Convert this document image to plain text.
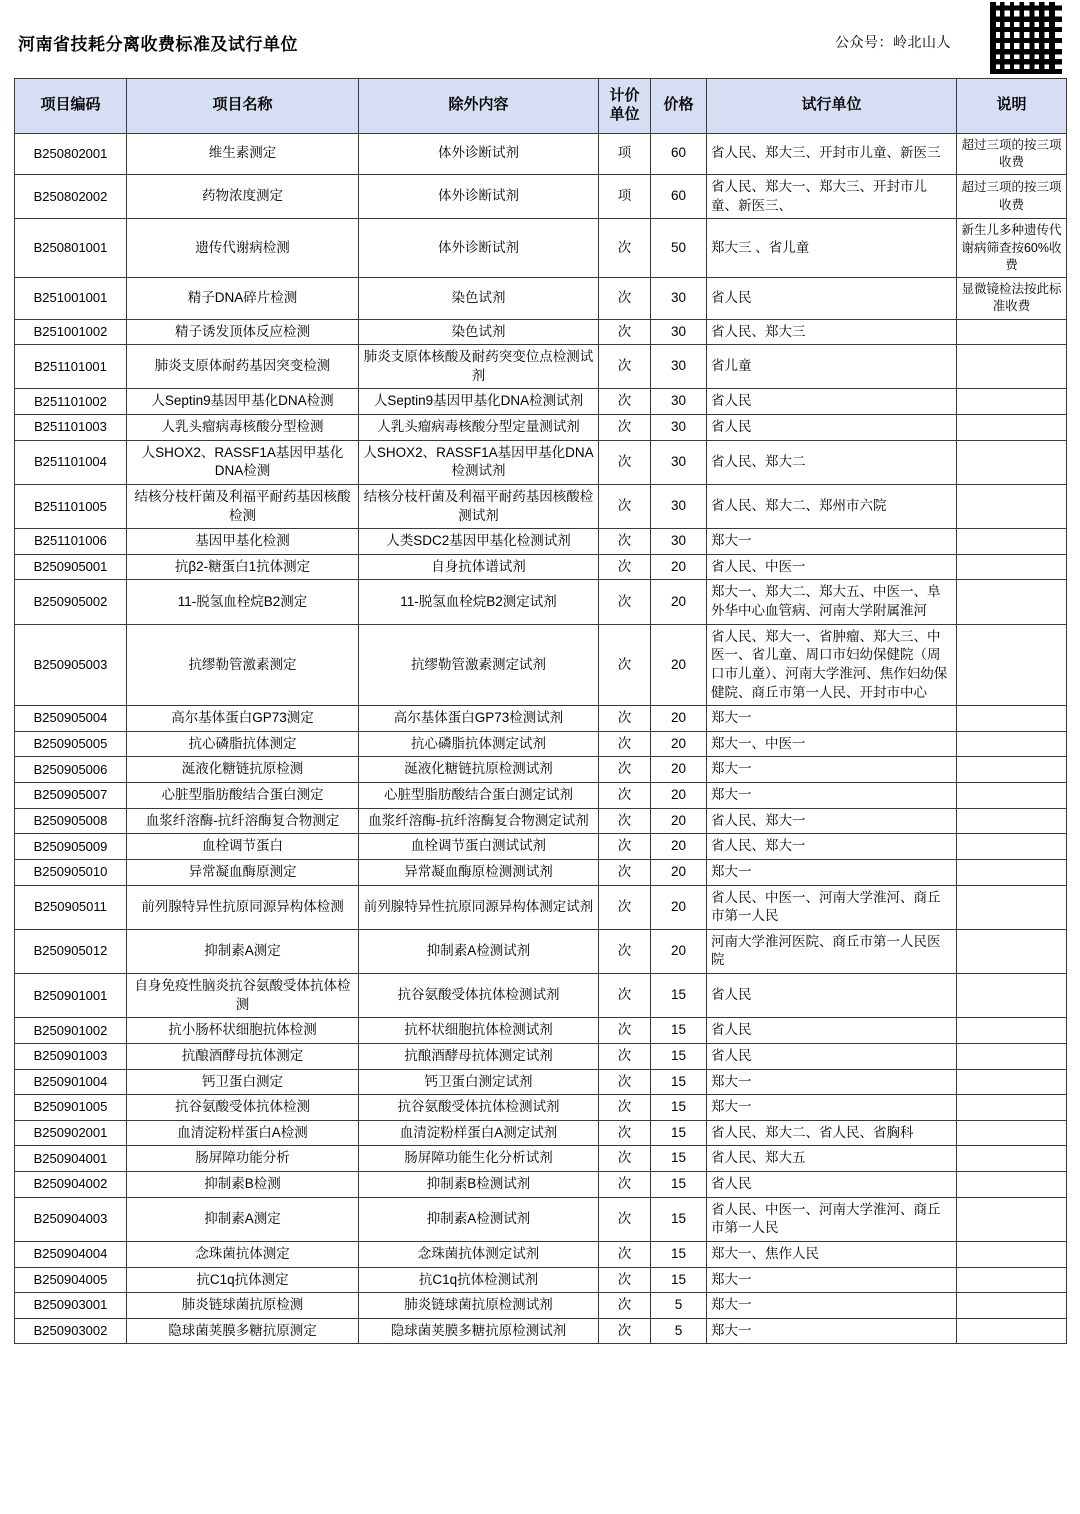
河南省技耗分离收费标准及试行单位	公众号：岭北山人
项目编码	项目名称	除外内容	计价单位	价格	试行单位	说明
B250802001	维生素测定	体外诊断试剂	项	60	省人民、郑大三、开封市儿童、新医三	超过三项的按三项收费
B250802002	药物浓度测定	体外诊断试剂	项	60	省人民、郑大一、郑大三、开封市儿童、新医三、	超过三项的按三项收费
B250801001	遗传代谢病检测	体外诊断试剂	次	50	郑大三 、省儿童	新生儿多种遗传代谢病筛查按60%收费
B251001001	精子DNA碎片检测	染色试剂	次	30	省人民	显微镜检法按此标准收费
B251001002	精子诱发顶体反应检测	染色试剂	次	30	省人民、郑大三	
B251101001	肺炎支原体耐药基因突变检测	肺炎支原体核酸及耐药突变位点检测试剂	次	30	省儿童	
B251101002	人Septin9基因甲基化DNA检测	人Septin9基因甲基化DNA检测试剂	次	30	省人民	
B251101003	人乳头瘤病毒核酸分型检测	人乳头瘤病毒核酸分型定量测试剂	次	30	省人民	
B251101004	人SHOX2、RASSF1A基因甲基化DNA检测	人SHOX2、RASSF1A基因甲基化DNA检测试剂	次	30	省人民、郑大二	
B251101005	结核分枝杆菌及利福平耐药基因核酸检测	结核分枝杆菌及利福平耐药基因核酸检测试剂	次	30	省人民、郑大二、郑州市六院	
B251101006	基因甲基化检测	人类SDC2基因甲基化检测试剂	次	30	郑大一	
B250905001	抗β2-糖蛋白1抗体测定	自身抗体谱试剂	次	20	省人民、中医一	
B250905002	11-脱氢血栓烷B2测定	11-脱氢血栓烷B2测定试剂	次	20	郑大一、郑大二、郑大五、中医一、阜外华中心血管病、河南大学附属淮河	
B250905003	抗缪勒管激素测定	抗缪勒管激素测定试剂	次	20	省人民、郑大一、省肿瘤、郑大三、中医一、省儿童、周口市妇幼保健院（周口市儿童）、河南大学淮河、焦作妇幼保健院、商丘市第一人民、开封市中心	
B250905004	高尔基体蛋白GP73测定	高尔基体蛋白GP73检测试剂	次	20	郑大一	
B250905005	抗心磷脂抗体测定	抗心磷脂抗体测定试剂	次	20	郑大一、中医一	
B250905006	涎液化糖链抗原检测	涎液化糖链抗原检测试剂	次	20	郑大一	
B250905007	心脏型脂肪酸结合蛋白测定	心脏型脂肪酸结合蛋白测定试剂	次	20	郑大一	
B250905008	血浆纤溶酶-抗纤溶酶复合物测定	血浆纤溶酶-抗纤溶酶复合物测定试剂	次	20	省人民、郑大一	
B250905009	血栓调节蛋白	血栓调节蛋白测试试剂	次	20	省人民、郑大一	
B250905010	异常凝血酶原测定	异常凝血酶原检测测试剂	次	20	郑大一	
B250905011	前列腺特异性抗原同源异构体检测	前列腺特异性抗原同源异构体测定试剂	次	20	省人民、中医一、河南大学淮河、商丘市第一人民	
B250905012	抑制素A测定	抑制素A检测试剂	次	20	河南大学淮河医院、商丘市第一人民医院	
B250901001	自身免疫性脑炎抗谷氨酸受体抗体检测	抗谷氨酸受体抗体检测试剂	次	15	省人民	
B250901002	抗小肠杯状细胞抗体检测	抗杯状细胞抗体检测试剂	次	15	省人民	
B250901003	抗酿酒酵母抗体测定	抗酿酒酵母抗体测定试剂	次	15	省人民	
B250901004	钙卫蛋白测定	钙卫蛋白测定试剂	次	15	郑大一	
B250901005	抗谷氨酸受体抗体检测	抗谷氨酸受体抗体检测试剂	次	15	郑大一	
B250902001	血清淀粉样蛋白A检测	血清淀粉样蛋白A测定试剂	次	15	省人民、郑大二、省人民、省胸科	
B250904001	肠屏障功能分析	肠屏障功能生化分析试剂	次	15	省人民、郑大五	
B250904002	抑制素B检测	抑制素B检测试剂	次	15	省人民	
B250904003	抑制素A测定	抑制素A检测试剂	次	15	省人民、中医一、河南大学淮河、商丘市第一人民	
B250904004	念珠菌抗体测定	念珠菌抗体测定试剂	次	15	郑大一、焦作人民	
B250904005	抗C1q抗体测定	抗C1q抗体检测试剂	次	15	郑大一	
B250903001	肺炎链球菌抗原检测	肺炎链球菌抗原检测试剂	次	5	郑大一	
B250903002	隐球菌荚膜多糖抗原测定	隐球菌荚膜多糖抗原检测试剂	次	5	郑大一	
